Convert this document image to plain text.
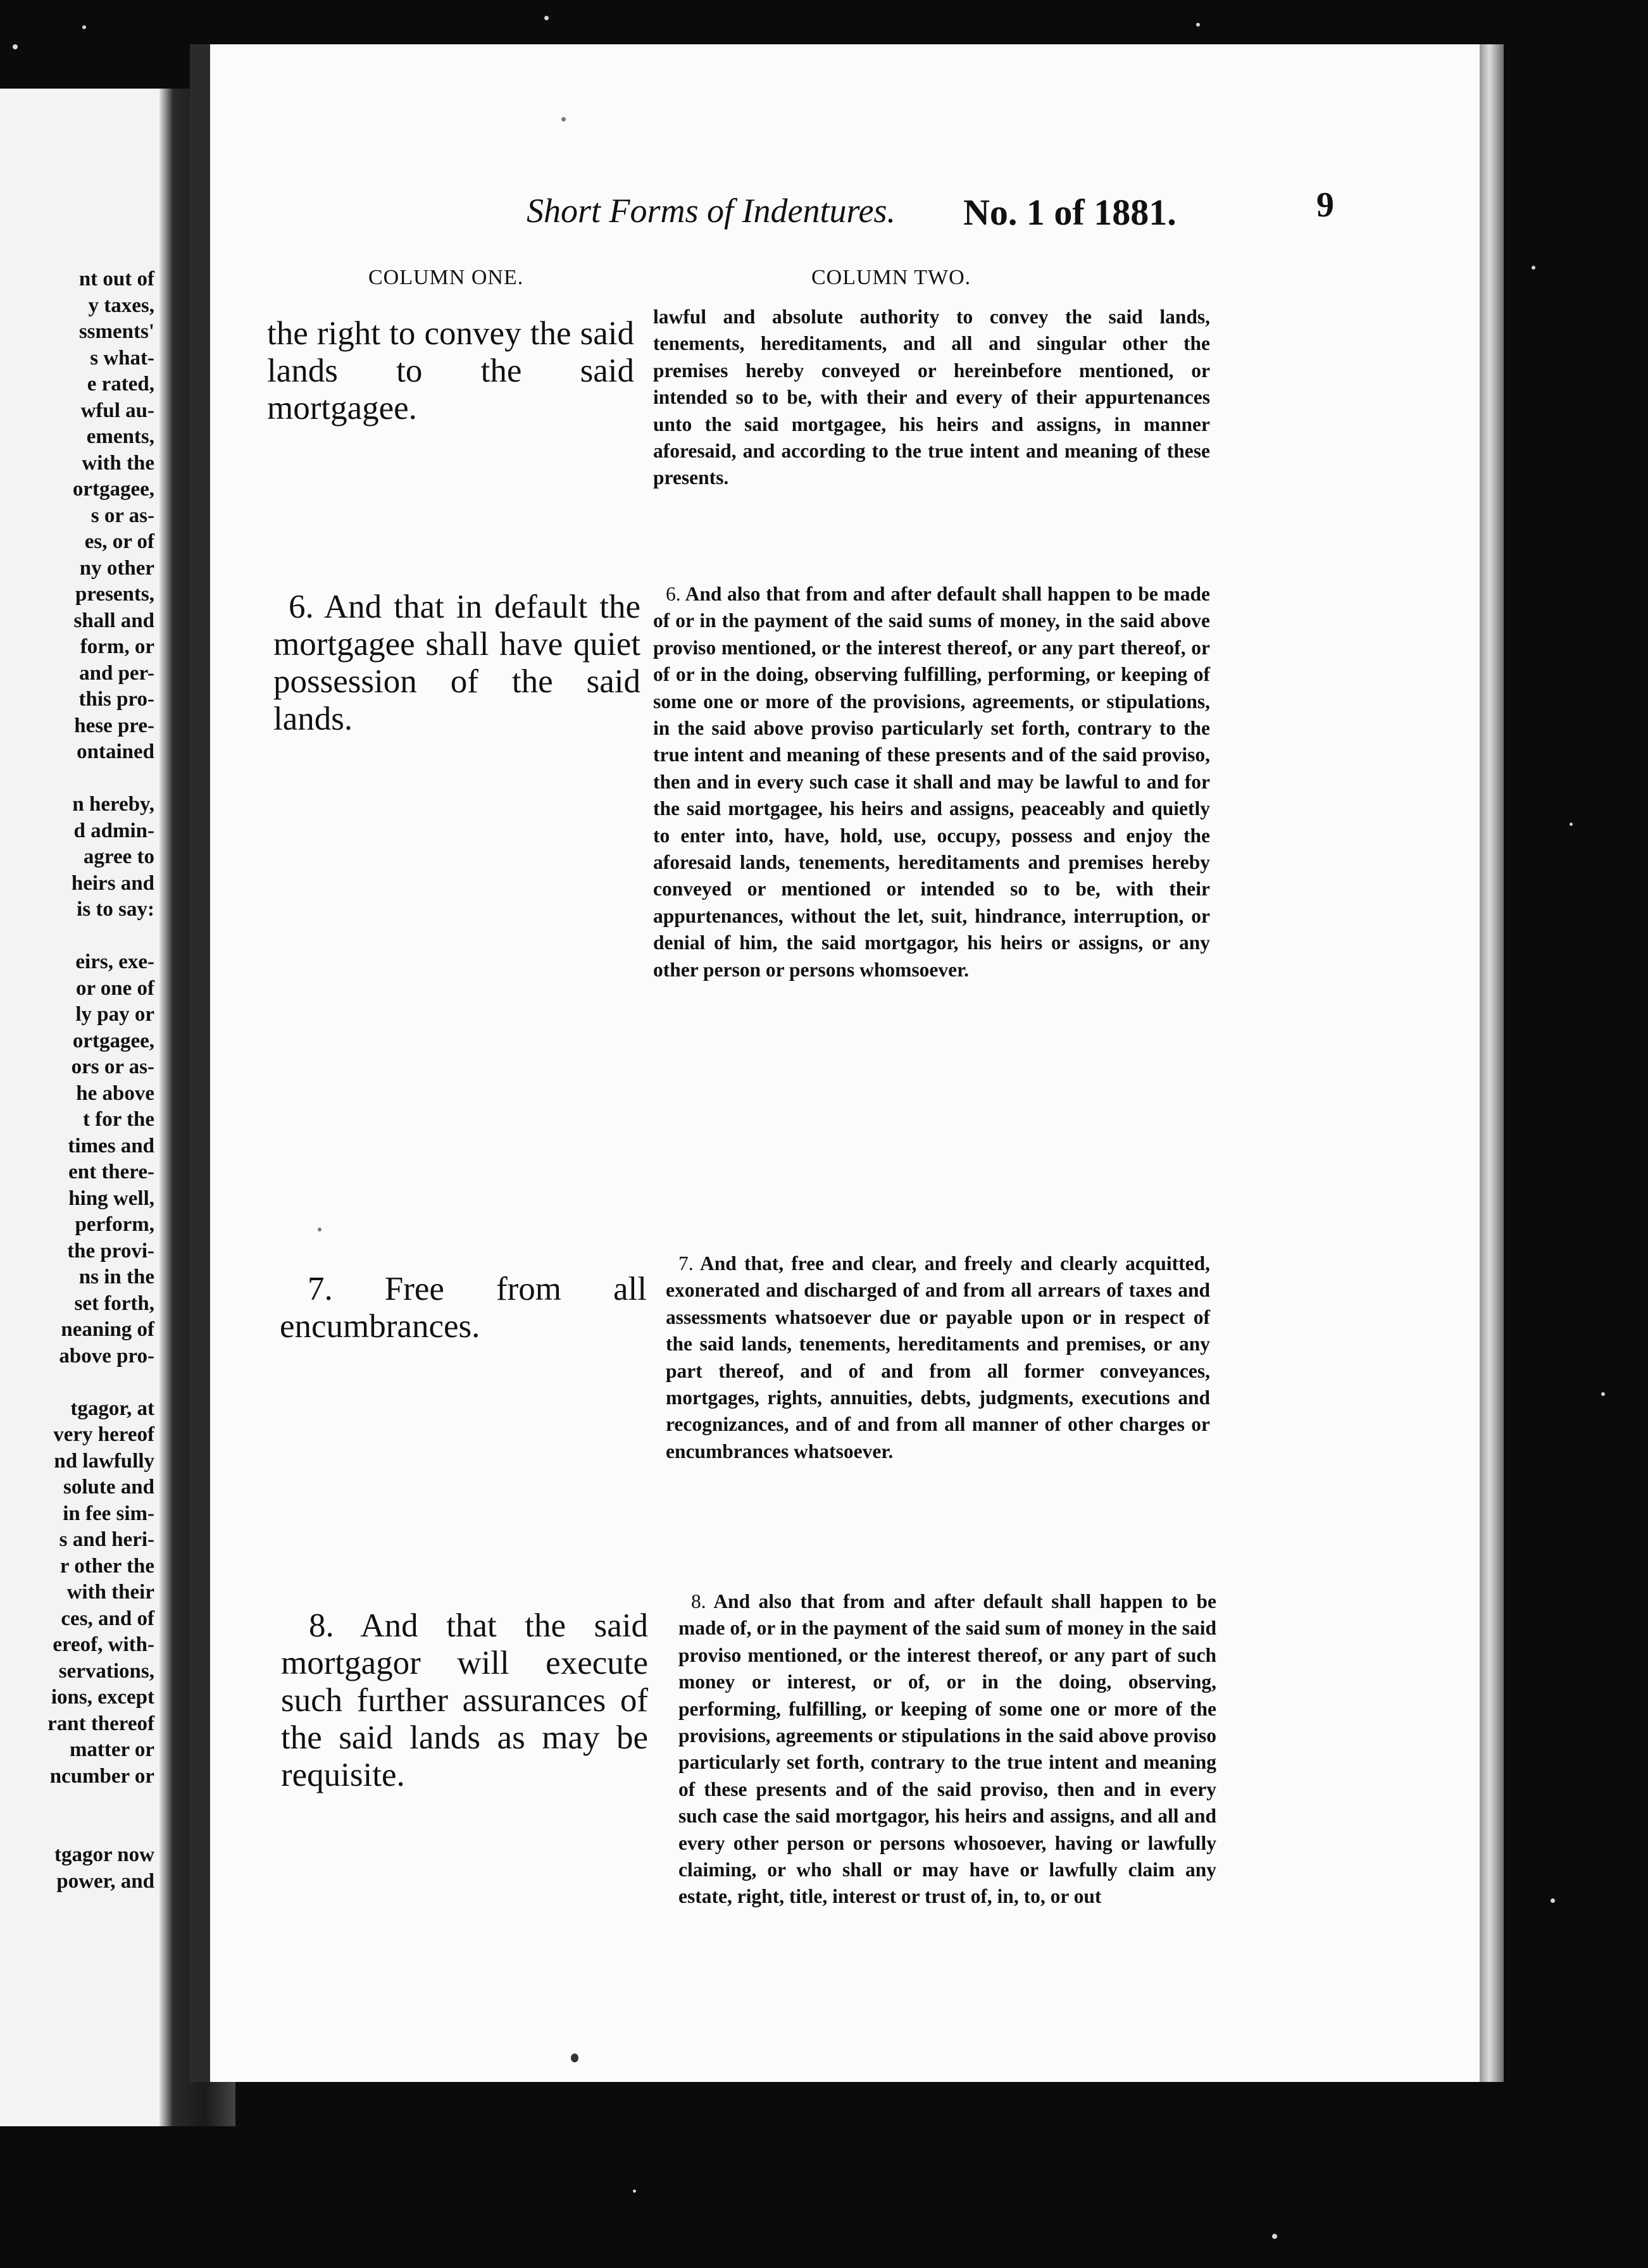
nt out of
y taxes,
ssments'
s what-
e rated,
wful au-
ements,
with the
ortgagee,
s or as-
es, or of
ny other
presents,
shall and
form, or
and per-
this pro-
hese pre-
ontained
n hereby,
d admin-
agree to
heirs and
is to say:
eirs, exe-
or one of
ly pay or
ortgagee,
ors or as-
he above
t for the
times and
ent there-
hing well,
perform,
the provi-
ns in the
set forth,
neaning of
above pro-
tgagor, at
very hereof
nd lawfully
solute and
in fee sim-
s and heri-
r other the
with their
ces, and of
ereof, with-
servations,
ions, except
rant thereof
matter or
ncumber or
tgagor now
power, and
Short Forms of Indentures. No. 1 of 1881.	9
COLUMN ONE.	COLUMN TWO.
the right to convey the said lands to the said mortgagee.
lawful and absolute authority to convey the said lands, tenements, hereditaments, and all and singular other the premises hereby conveyed or hereinbefore mentioned, or intended so to be, with their and every of their appurtenances unto the said mortgagee, his heirs and assigns, in manner aforesaid, and according to the true intent and meaning of these presents.
6. And that in default the mortgagee shall have quiet possession of the said lands.
6. And also that from and after default shall happen to be made of or in the payment of the said sums of money, in the said above proviso mentioned, or the interest thereof, or any part thereof, or of or in the doing, observing fulfilling, performing, or keeping of some one or more of the provisions, agreements, or stipulations, in the said above proviso particularly set forth, contrary to the true intent and meaning of these presents and of the said proviso, then and in every such case it shall and may be lawful to and for the said mortgagee, his heirs and assigns, peaceably and quietly to enter into, have, hold, use, occupy, possess and enjoy the aforesaid lands, tenements, hereditaments and premises hereby conveyed or mentioned or intended so to be, with their appurtenances, without the let, suit, hindrance, interruption, or denial of him, the said mortgagor, his heirs or assigns, or any other person or persons whomsoever.
7. Free from all encumbrances.
7. And that, free and clear, and freely and clearly acquitted, exonerated and discharged of and from all arrears of taxes and assessments whatsoever due or payable upon or in respect of the said lands, tenements, hereditaments and premises, or any part thereof, and of and from all former conveyances, mortgages, rights, annuities, debts, judgments, executions and recognizances, and of and from all manner of other charges or encumbrances whatsoever.
8. And that the said mortgagor will execute such further assurances of the said lands as may be requisite.
8. And also that from and after default shall happen to be made of, or in the payment of the said sum of money in the said proviso mentioned, or the interest thereof, or any part of such money or interest, or of, or in the doing, observing, performing, fulfilling, or keeping of some one or more of the provisions, agreements or stipulations in the said above proviso particularly set forth, contrary to the true intent and meaning of these presents and of the said proviso, then and in every such case the said mortgagor, his heirs and assigns, and all and every other person or persons whosoever, having or lawfully claiming, or who shall or may have or lawfully claim any estate, right, title, interest or trust of, in, to, or out
